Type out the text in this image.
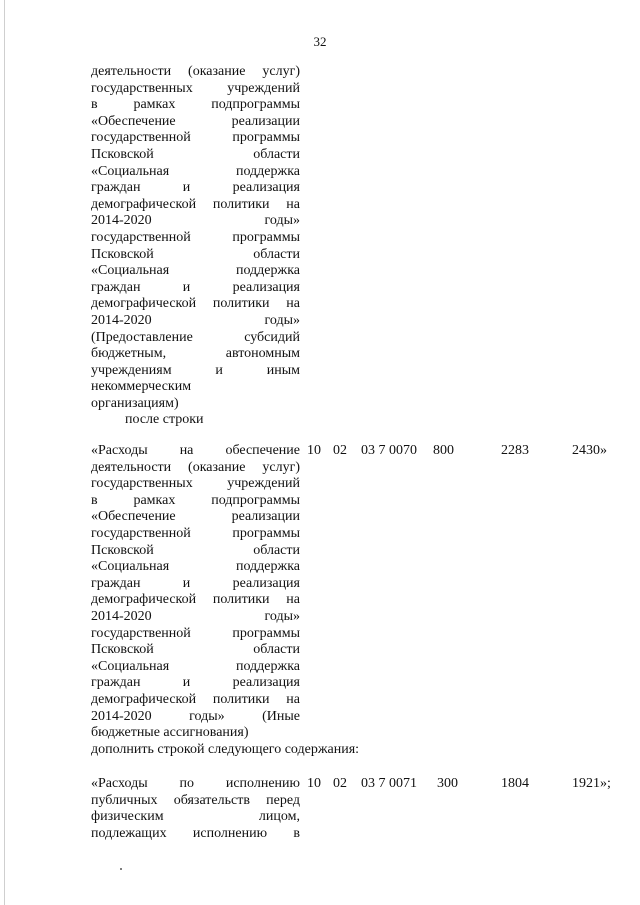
32
деятельности (оказание услуг)
государственных учреждений
в рамках подпрограммы
«Обеспечение реализации
государственной программы
Псковской области
«Социальная поддержка
граждан и реализация
демографической политики на
2014-2020 годы»
государственной программы
Псковской области
«Социальная поддержка
граждан и реализация
демографической политики на
2014-2020 годы»
(Предоставление субсидий
бюджетным, автономным
учреждениям и иным
некоммерческим
организациям)
после строки
«Расходы на обеспечение
деятельности (оказание услуг)
государственных учреждений
в рамках подпрограммы
«Обеспечение реализации
государственной программы
Псковской области
«Социальная поддержка
граждан и реализация
демографической политики на
2014-2020 годы»
государственной программы
Псковской области
«Социальная поддержка
граждан и реализация
демографической политики на
2014-2020 годы» (Иные
бюджетные ассигнования)
10 02 03 7 0070 800	2283	2430»
дополнить строкой следующего содержания:
«Расходы по исполнению
публичных обязательств перед
физическим лицом,
подлежащих исполнению в
10 02 03 7 0071 300	1804	1921»;
